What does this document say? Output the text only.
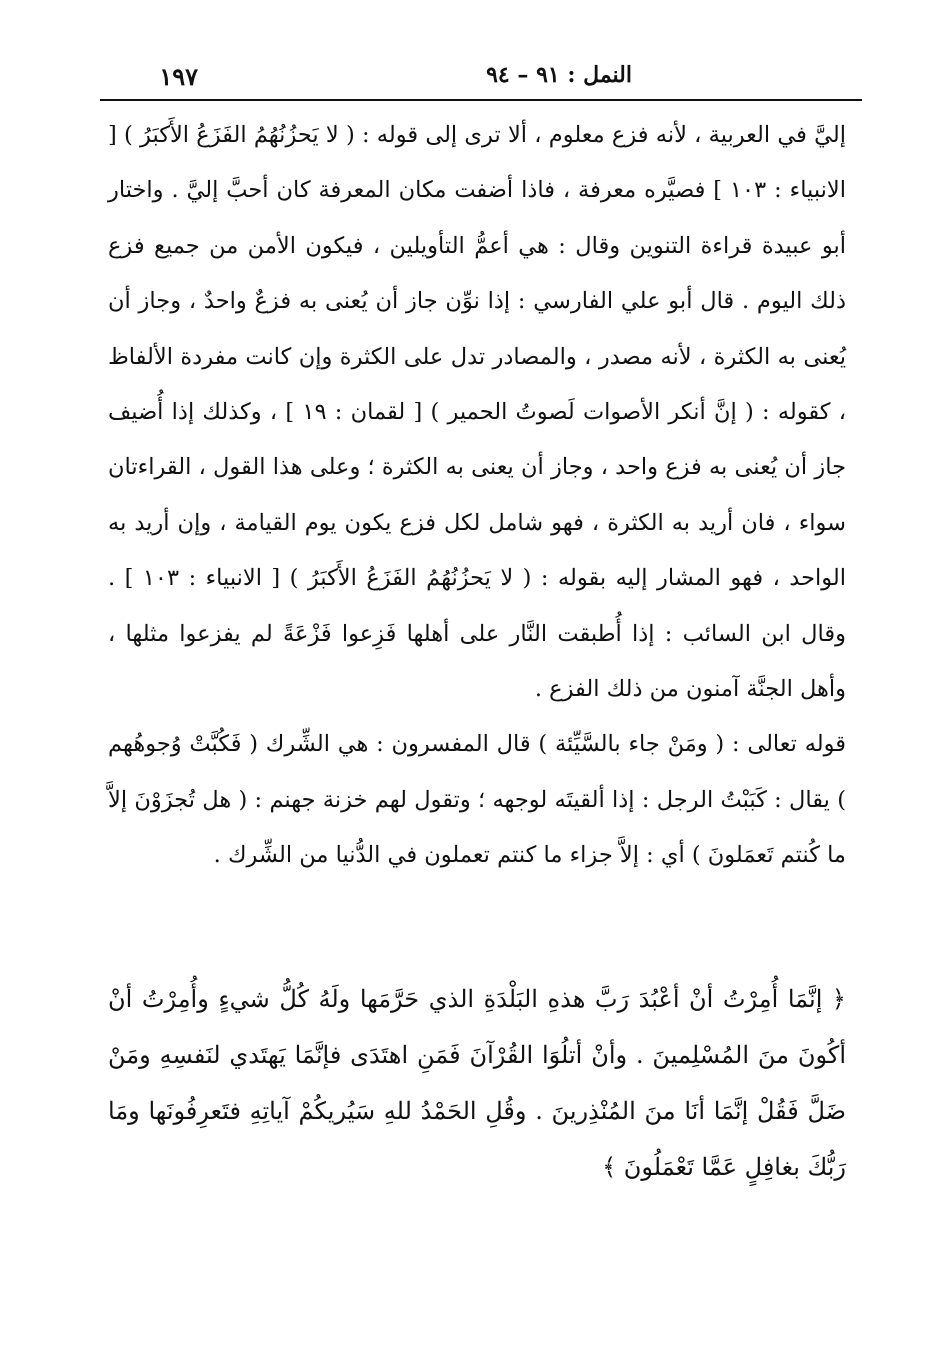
١٩٧	النمل : ٩١ – ٩٤

إليَّ في العربية ، لأنه فزع معلوم ، ألا ترى إلى قوله : ( لا يَحزُنُهُمُ الفَزَعُ الأَكبَرُ ) [ الانبياء : ١٠٣ ] فصيَّره معرفة ، فاذا أضفت مكان المعرفة كان أحبَّ إليَّ . واختار أبو عبيدة قراءة التنوين وقال : هي أعمُّ التأويلين ، فيكون الأمن من جميع فزع ذلك اليوم . قال أبو علي الفارسي : إذا نوِّن جاز أن يُعنى به فزعٌ واحدٌ ، وجاز أن يُعنى به الكثرة ، لأنه مصدر ، والمصادر تدل على الكثرة وإن كانت مفردة الألفاظ ، كقوله : ( إنَّ أنكر الأصوات لَصوتُ الحمير ) [ لقمان : ١٩ ] ، وكذلك إذا أُضيف جاز أن يُعنى به فزع واحد ، وجاز أن يعنى به الكثرة ؛ وعلى هذا القول ، القراءتان سواء ، فان أريد به الكثرة ، فهو شامل لكل فزع يكون يوم القيامة ، وإن أريد به الواحد ، فهو المشار إليه بقوله : ( لا يَحزُنُهُمُ الفَزَعُ الأَكبَرُ ) [ الانبياء : ١٠٣ ] . وقال ابن السائب : إذا أُطبقت النَّار على أهلها فَزِعوا فَزْعَةً لم يفزعوا مثلها ، وأهل الجنَّة آمنون من ذلك الفزع .

قوله تعالى : ( ومَنْ جاء بالسَّيِّئة ) قال المفسرون : هي الشِّرك ( فَكُبَّتْ وُجوهُهم ) يقال : كَبَبْتُ الرجل : إذا ألقيتَه لوجهه ؛ وتقول لهم خزنة جهنم : ( هل تُجزَوْنَ إلاَّ ما كُنتم تَعمَلونَ ) أي : إلاَّ جزاء ما كنتم تعملون في الدُّنيا من الشِّرك .

﴿ إنَّمَا أُمِرْتُ أنْ أعْبُدَ رَبَّ هذهِ البَلْدَةِ الذي حَرَّمَها ولَهُ كُلُّ شيءٍ وأُمِرْتُ أنْ أكُونَ منَ المُسْلِمينَ . وأنْ أتلُوَا القُرْآنَ فَمَنِ اهتَدَى فإنَّمَا يَهتَدي لنَفسِهِ ومَنْ ضَلَّ فَقُلْ إنَّمَا أنَا منَ المُنْذِرينَ . وقُلِ الحَمْدُ للهِ سَيُريكُمْ آياتِهِ فتَعرِفُونَها ومَا رَبُّكَ بغافِلٍ عَمَّا تَعْمَلُونَ ﴾
